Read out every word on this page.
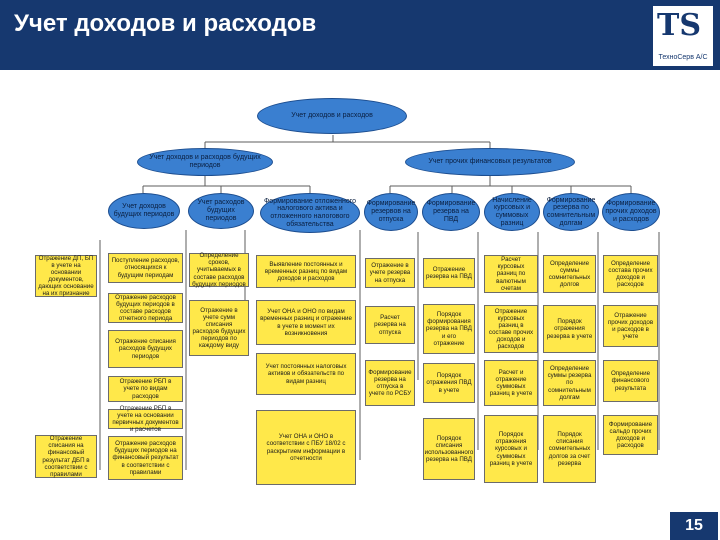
Учет доходов и расходов	TS
ТехноСерв А/С
Учет доходов и расходов
Учет доходов и расходов будущих периодов
Учет прочих финансовых результатов
Учет доходов будущих периодов
Учет расходов будущих периодов
Формирование отложенного налогового актива и отложенного налогового обязательства
Формирование резервов на отпуска
Формирование резерва на ПВД
Начисление курсовых и суммовых разниц
Формирование резерва по сомнительным долгам
Формирование прочих доходов и расходов
Отражение ДП, БП в учете на основании документов, дающих основание на их признание
Отражение списания на финансовый результат ДБП в соответствии с правилами
Поступление расходов, относящихся к будущим периодам
Отражение расходов будущих периодов в составе расходов отчетного периода
Отражение списания расходов будущих периодов
Отражение РБП в учете по видам расходов
Отражение РБП в учете на основании первичных документов и расчетов
Отражение расходов будущих периодов на финансовый результат в соответствии с правилами
Определение сроков, учитываемых в составе расходов будущих периодов
Отражение в учете сумм списания расходов будущих периодов по каждому виду
Выявление постоянных и временных разниц по видам доходов и расходов
Учет ОНА и ОНО по видам временных разниц и отражение в учете в момент их возникновения
Учет постоянных налоговых активов и обязательств по видам разниц
Учет ОНА и ОНО в соответствии с ПБУ 18/02 с раскрытием информации в отчетности
Отражение в учете резерва на отпуска
Расчет резерва на отпуска
Формирование резерва на отпуска в учете по РСБУ
Отражение резерва на ПВД
Порядок формирования резерва на ПВД и его отражение
Порядок отражения ПВД в учете
Порядок списания использованного резерва на ПВД
Расчет курсовых разниц по валютным счетам
Отражение курсовых разниц в составе прочих доходов и расходов
Расчет и отражение суммовых разниц в учете
Порядок отражения курсовых и суммовых разниц в учете
Определение суммы сомнительных долгов
Порядок отражения резерва в учете
Определение суммы резерва по сомнительным долгам
Порядок списания сомнительных долгов за счет резерва
Определение состава прочих доходов и расходов
Отражение прочих доходов и расходов в учете
Определение финансового результата
Формирование сальдо прочих доходов и расходов
15
